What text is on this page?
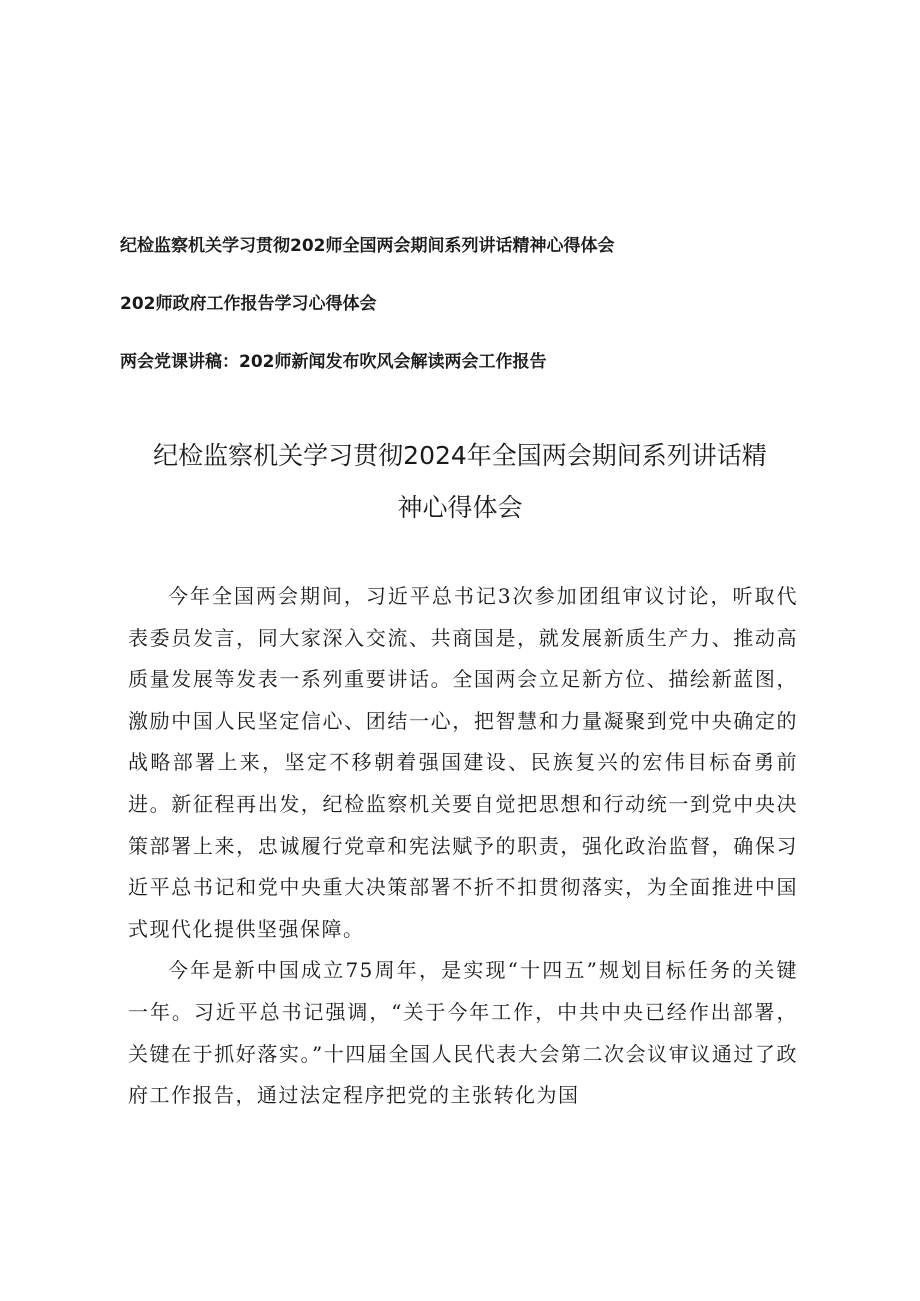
纪检监察机关学习贯彻202师全国两会期间系列讲话精神心得体会
202师政府工作报告学习心得体会
两会党课讲稿：202师新闻发布吹风会解读两会工作报告
纪检监察机关学习贯彻2024年全国两会期间系列讲话精
神心得体会

今年全国两会期间，习近平总书记3次参加团组审议讨论，听取代表委员发言，同大家深入交流、共商国是，就发展新质生产力、推动高质量发展等发表一系列重要讲话。全国两会立足新方位、描绘新蓝图，激励中国人民坚定信心、团结一心，把智慧和力量凝聚到党中央确定的战略部署上来，坚定不移朝着强国建设、民族复兴的宏伟目标奋勇前进。新征程再出发，纪检监察机关要自觉把思想和行动统一到党中央决策部署上来，忠诚履行党章和宪法赋予的职责，强化政治监督，确保习近平总书记和党中央重大决策部署不折不扣贯彻落实，为全面推进中国式现代化提供坚强保障。

今年是新中国成立75周年，是实现“十四五”规划目标任务的关键一年。习近平总书记强调，“关于今年工作，中共中央已经作出部署，关键在于抓好落实。”十四届全国人民代表大会第二次会议审议通过了政府工作报告，通过法定程序把党的主张转化为国
